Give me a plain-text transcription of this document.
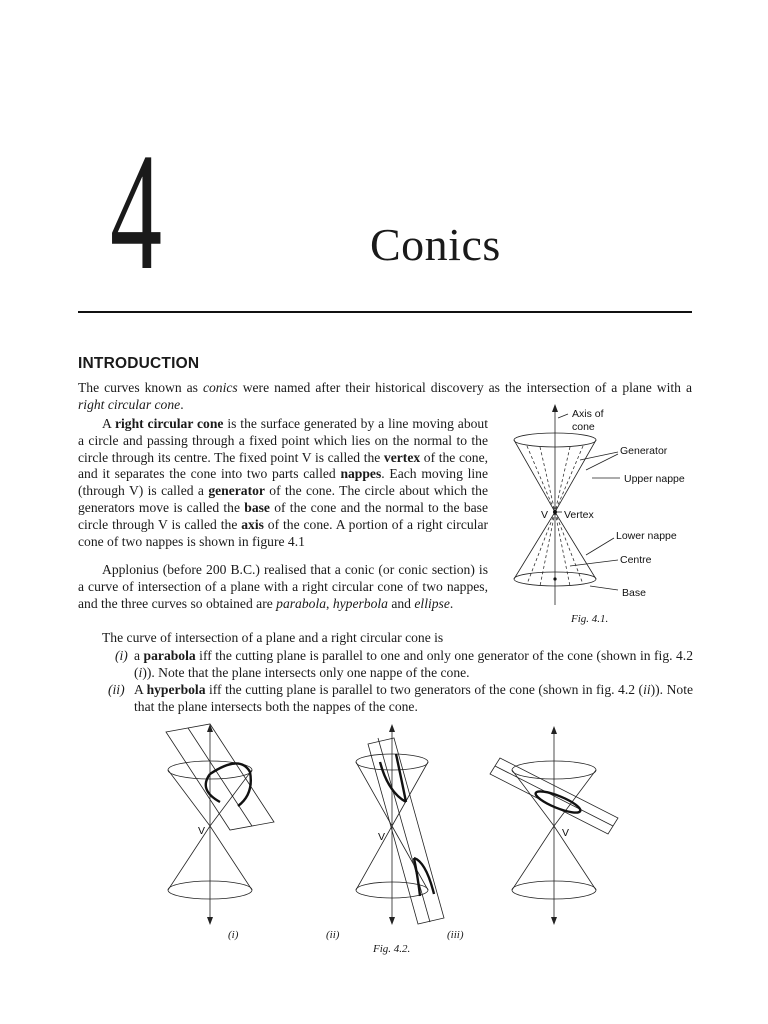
4	Conics
INTRODUCTION
The curves known as conics were named after their historical discovery as the intersection of a plane with a right circular cone.
A right circular cone is the surface generated by a line moving about a circle and passing through a fixed point which lies on the normal to the circle through its centre. The fixed point V is called the vertex of the cone, and it separates the cone into two parts called nappes. Each moving line (through V) is called a generator of the cone. The circle about which the generators move is called the base of the cone and the normal to the base circle through V is called the axis of the cone. A portion of a right circular cone of two nappes is shown in figure 4.1
Applonius (before 200 B.C.) realised that a conic (or conic section) is a curve of intersection of a plane with a right circular cone of two nappes, and the three curves so obtained are parabola, hyperbola and ellipse.
The curve of intersection of a plane and a right circular cone is
(i) a parabola iff the cutting plane is parallel to one and only one generator of the cone (shown in fig. 4.2 (i)). Note that the plane intersects only one nappe of the cone.
(ii) A hyperbola iff the cutting plane is parallel to two generators of the cone (shown in fig. 4.2 (ii)). Note that the plane intersects both the nappes of the cone.
Axis of
cone
Generator
Upper nappe
V Vertex
Lower nappe
Centre
Base
Fig. 4.1.
V	V	V
(i)	(ii)	(iii)
Fig. 4.2.
